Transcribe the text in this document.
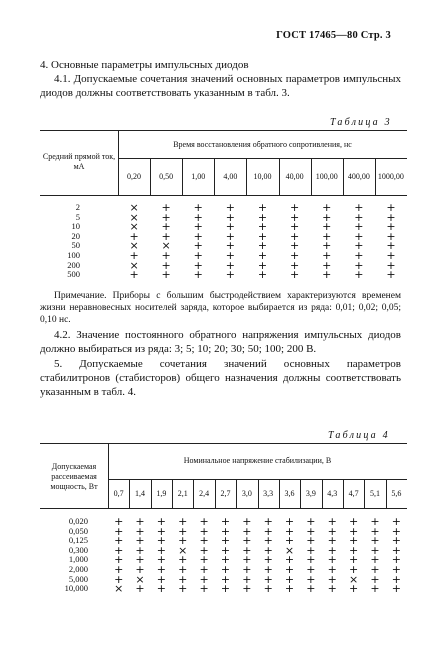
ГОСТ 17465—80 Стр. 3
4. Основные параметры импульсных диодов
4.1. Допускаемые сочетания значений основных параметров импульсных диодов должны соответствовать указанным в табл. 3.
Таблица 3
Средний прямой ток, мА
Время восстановления обратного сопротивления, нс
0,20	0,50	1,00	4,00	10,00	40,00	100,00	400,00	1000,00
2	×	+	+	+	+	+	+	+	+
5	×	+	+	+	+	+	+	+	+
10	×	+	+	+	+	+	+	+	+
20	+	+	+	+	+	+	+	+	+
50	×	×	+	+	+	+	+	+	+
100	+	+	+	+	+	+	+	+	+
200	×	+	+	+	+	+	+	+	+
500	+	+	+	+	+	+	+	+	+
Примечание. Приборы с большим быстродействием характеризуются временем жизни неравновесных носителей заряда, которое выбирается из ряда: 0,01; 0,02; 0,05; 0,10 нс.
4.2. Значение постоянного обратного напряжения импульсных диодов должно выбираться из ряда: 3; 5; 10; 20; 30; 50; 100; 200 В.
5. Допускаемые сочетания значений основных параметров стабилитронов (стабисторов) общего назначения должны соответствовать указанным в табл. 4.
Таблица 4
Допускаемая рассеиваемая мощность, Вт
Номинальное напряжение стабилизации, В
0,7	1,4	1,9	2,1	2,4	2,7	3,0	3,3	3,6	3,9	4,3	4,7	5,1	5,6
0,020	+	+	+	+	+	+	+	+	+	+	+	+	+	+
0,050	+	+	+	+	+	+	+	+	+	+	+	+	+	+
0,125	+	+	+	+	+	+	+	+	+	+	+	+	+	+
0,300	+	+	+	×	+	+	+	+	×	+	+	+	+	+
1,000	+	+	+	+	+	+	+	+	+	+	+	+	+	+
2,000	+	+	+	+	+	+	+	+	+	+	+	+	+	+
5,000	+	×	+	+	+	+	+	+	+	+	+	×	+	+
10,000	×	+	+	+	+	+	+	+	+	+	+	+	+	+
